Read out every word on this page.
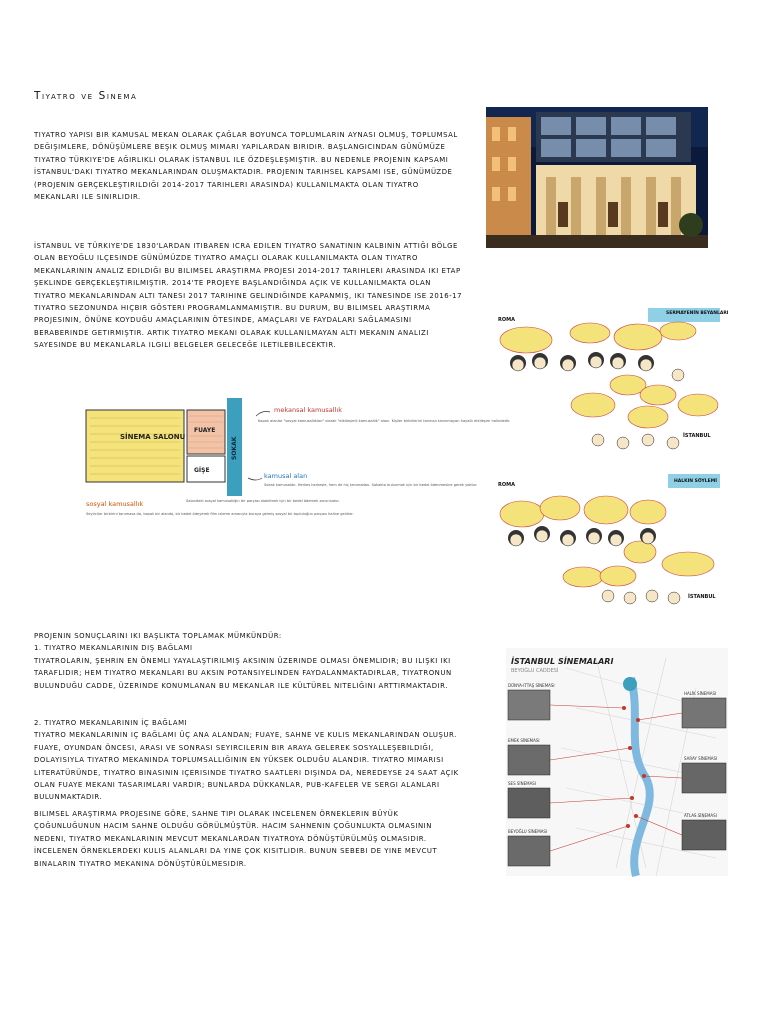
Tiyatro ve Sinema

TIYATRO YAPISI BIR KAMUSAL MEKAN OLARAK ÇAĞLAR BOYUNCA TOPLUMLARIN AYNASI OLMUŞ, TOPLUMSAL DEĞIŞIMLERE, DÖNÜŞÜMLERE BEŞIK OLMUŞ MIMARI YAPILARDAN BIRIDIR. BAŞLANGICINDAN GÜNÜMÜZE TIYATRO TÜRKIYE'DE AĞIRLIKLI OLARAK İSTANBUL ILE ÖZDEŞLEŞMIŞTIR. BU NEDENLE PROJENIN KAPSAMI İSTANBUL'DAKI TIYATRO MEKANLARINDAN OLUŞMAKTADIR. PROJENIN TARIHSEL KAPSAMI ISE, GÜNÜMÜZDE (PROJENIN GERÇEKLEŞTIRILDIĞI 2014-2017 TARIHLERI ARASINDA) KULLANILMAKTA OLAN TIYATRO MEKANLARI ILE SINIRLIDIR.

İSTANBUL VE TÜRKIYE'DE 1830'LARDAN ITIBAREN ICRA EDILEN TIYATRO SANATININ KALBININ ATTIĞI BÖLGE OLAN BEYOĞLU ILÇESINDE GÜNÜMÜZDE TIYATRO AMAÇLI OLARAK KULLANILMAKTA OLAN TIYATRO MEKANLARININ ANALIZ EDILDIĞI BU BILIMSEL ARAŞTIRMA PROJESI 2014-2017 TARIHLERI ARASINDA IKI ETAP ŞEKLINDE GERÇEKLEŞTIRILMIŞTIR. 2014'TE PROJEYE BAŞLANDIĞINDA AÇIK VE KULLANILMAKTA OLAN TIYATRO MEKANLARINDAN ALTI TANESI 2017 TARIHINE GELINDIĞINDE KAPANMIŞ, IKI TANESINDE ISE 2016-17 TIYATRO SEZONUNDA HIÇBIR GÖSTERI PROGRAMLANMAMIŞTIR. BU DURUM, BU BILIMSEL ARAŞTIRMA PROJESININ, ÖNÜNE KOYDUĞU AMAÇLARININ ÖTESINDE, AMAÇLARI VE FAYDALARI SAĞLAMASINI BERABERINDE GETIRMIŞTIR. ARTIK TIYATRO MEKANI OLARAK KULLANILMAYAN ALTI MEKANIN ANALIZI SAYESINDE BU MEKANLARLA ILGILI BELGELER GELECEĞE ILETILEBILECEKTIR.

ROMA
SERMAYENİN BEYANLARI
İSTANBUL
SİNEMA SALONU
FUAYE
GİŞE
SOKAK
mekansal kamusallık
Kapalı alanlar "sosyal kamusallıkları" olarak "etkileşimli kamusallık" alanı. Kişiler birbirlerini tanınan tanınmayan hayatlı etkileşim halindedir.
kamusal alan
Sokak kamusaldır. Herkes herkesle, hem de hiç tanımadan. Sokakta bulunmak için bir bedel ödenmesine gerek yoktur.
sosyal kamusallık
Seyirciler birbirini tanımasa da, kapalı bir alanda, bir bedel ödeyerek film izleme amacıyla buraya gelmiş sosyal bir topluluğun parçası haline gelirler.
Salondaki sosyal kamusallığın bir parçası olabilmek için bir bedel ödemek zorunludur.
ROMA
HALKIN SÖYLEMİ
İSTANBUL

PROJENIN SONUÇLARINI IKI BAŞLIKTA TOPLAMAK MÜMKÜNDÜR:
1. TIYATRO MEKANLARININ DIŞ BAĞLAMI
TIYATROLARIN, ŞEHRIN EN ÖNEMLI YAYALAŞTIRILMIŞ AKSININ ÜZERINDE OLMASI ÖNEMLIDIR; BU ILIŞKI IKI TARAFLIDIR; HEM TIYATRO MEKANLARI BU AKSIN POTANSIYELINDEN FAYDALANMAKTADIRLAR, TIYATRONUN BULUNDUĞU CADDE, ÜZERINDE KONUMLANAN BU MEKANLAR ILE KÜLTÜREL NITELIĞINI ARTTIRMAKTADIR.

2. TIYATRO MEKANLARININ İÇ BAĞLAMI
TIYATRO MEKANLARININ IÇ BAĞLAMI ÜÇ ANA ALANDAN; FUAYE, SAHNE VE KULIS MEKANLARINDAN OLUŞUR. FUAYE, OYUNDAN ÖNCESI, ARASI VE SONRASI SEYIRCILERIN BIR ARAYA GELEREK SOSYALLEŞEBILDIĞI, DOLAYISIYLA TIYATRO MEKANINDA TOPLUMSALLIĞININ EN YÜKSEK OLDUĞU ALANDIR. TIYATRO MIMARISI LITERATÜRÜNDE, TIYATRO BINASININ IÇERISINDE TIYATRO SAATLERI DIŞINDA DA, NEREDEYSE 24 SAAT AÇIK OLAN FUAYE MEKANI TASARIMLARI VARDIR; BUNLARDA DÜKKANLAR, PUB-KAFELER VE SERGI ALANLARI BULUNMAKTADIR.

BILIMSEL ARAŞTIRMA PROJESINE GÖRE, SAHNE TIPI OLARAK INCELENEN ÖRNEKLERIN BÜYÜK ÇOĞUNLUĞUNUN HACIM SAHNE OLDUĞU GÖRÜLMÜŞTÜR. HACIM SAHNENIN ÇOĞUNLUKTA OLMASININ NEDENI, TIYATRO MEKANLARININ MEVCUT MEKANLARDAN TIYATROYA DÖNÜŞTÜRÜLMÜŞ OLMASIDIR. İNCELENEN ÖRNEKLERDEKI KULIS ALANLARI DA YINE ÇOK KISITLIDIR. BUNUN SEBEBI DE YINE MEVCUT BINALARIN TIYATRO MEKANINA DÖNÜŞTÜRÜLMESIDIR.

İSTANBUL SİNEMALARI
BEYOĞLU CADDESİ
DÜNYA-ITTAŞ SİNEMASI
EMEK SİNEMASI
SES SİNEMASI
BEYOĞLU SİNEMASI
HALİK SİNEMASI
SARAY SİNEMASI
ATLAS SİNEMASI
